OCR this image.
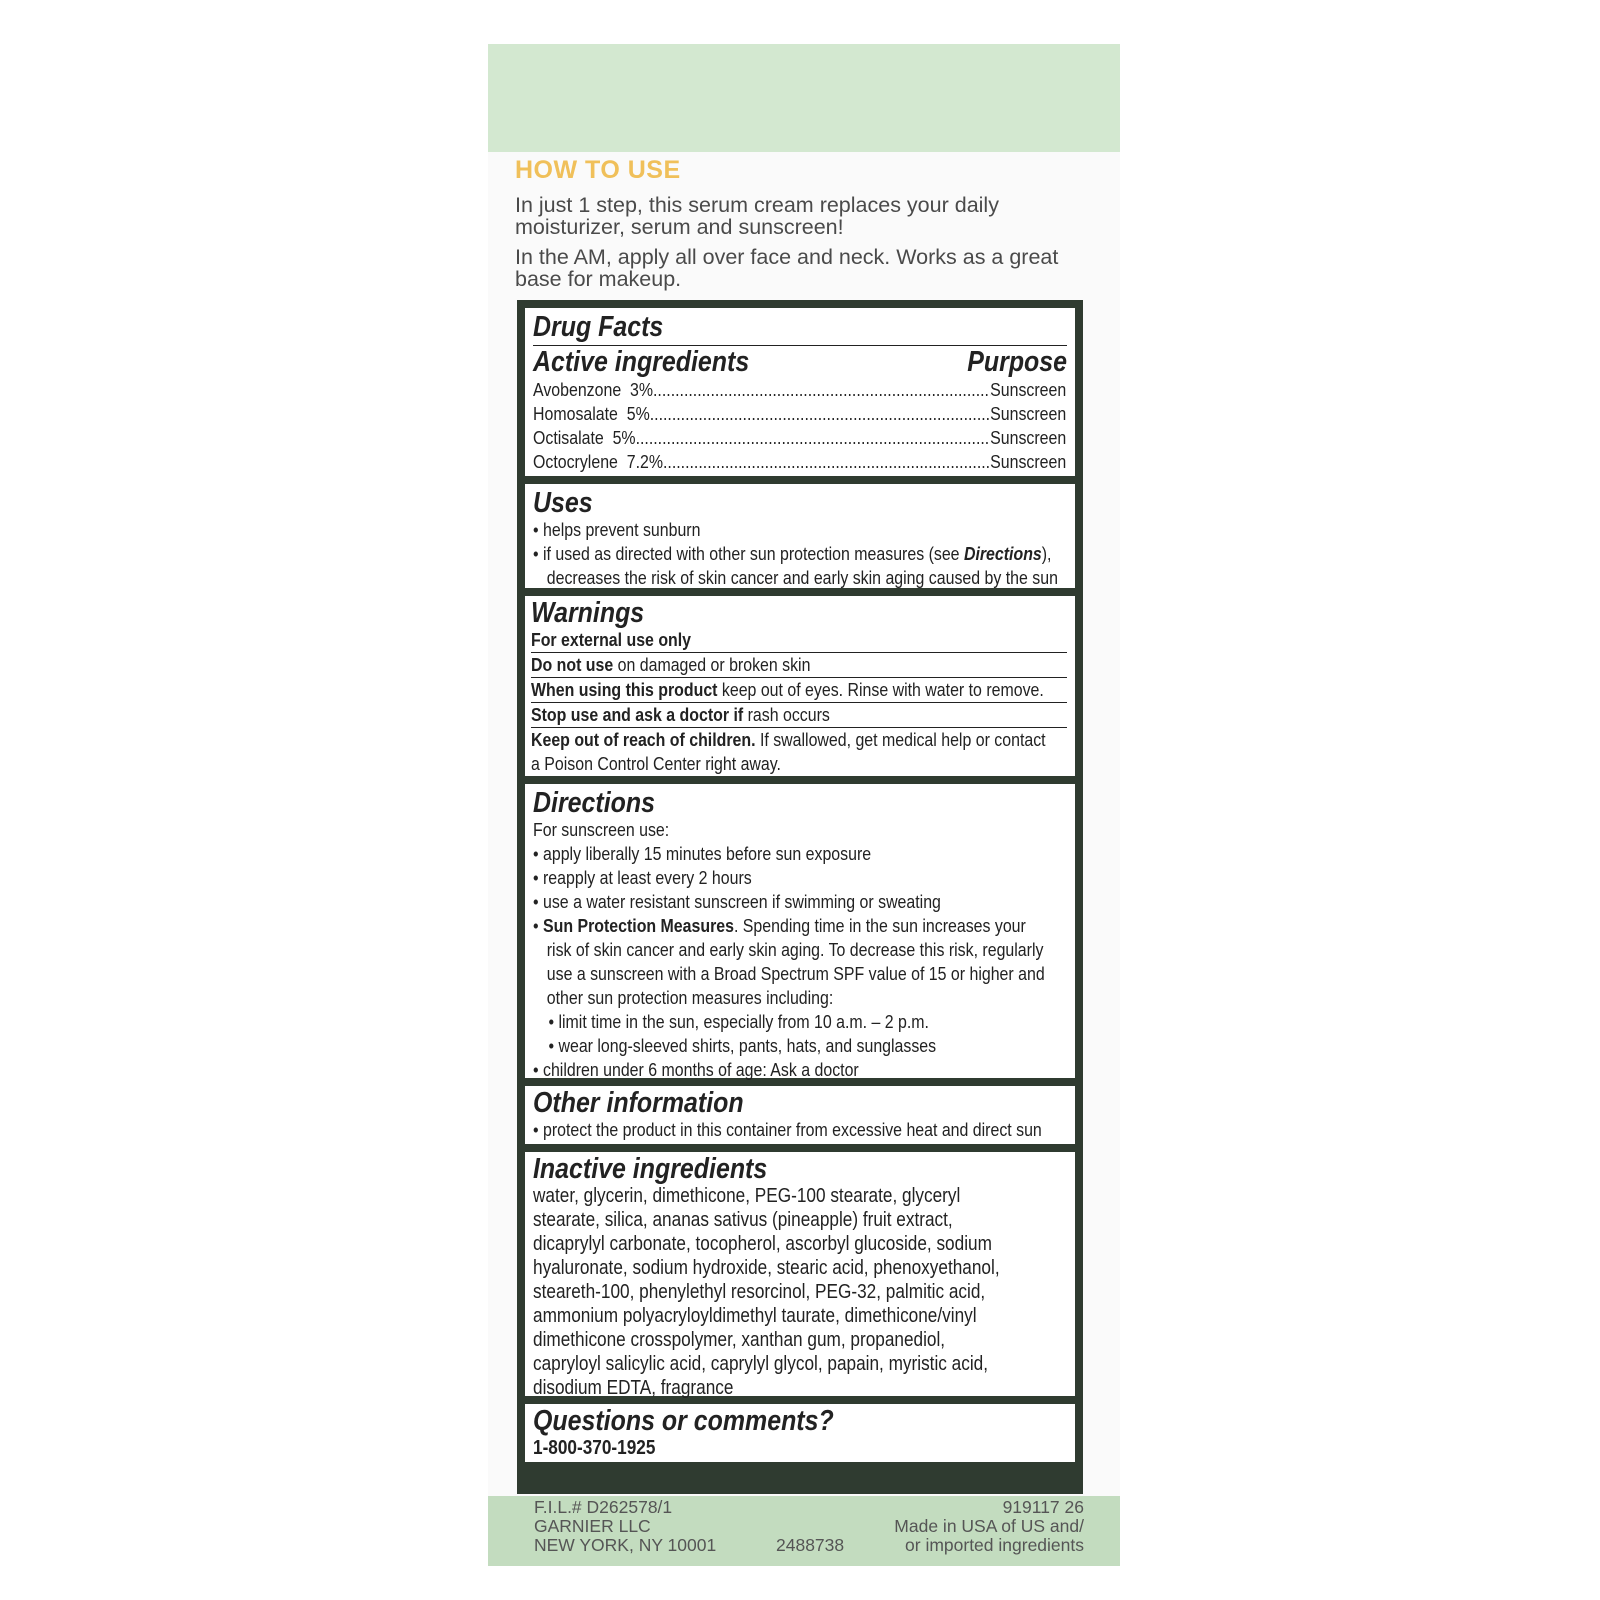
HOW TO USE

In just 1 step, this serum cream replaces your daily moisturizer, serum and sunscreen!

In the AM, apply all over face and neck. Works as a great base for makeup.

Drug Facts
Active ingredients	Purpose
Avobenzone  3% .....	Sunscreen
Homosalate  5% .....	Sunscreen
Octisalate  5% .....	Sunscreen
Octocrylene  7.2% .....	Sunscreen
Uses
• helps prevent sunburn
• if used as directed with other sun protection measures (see Directions),
decreases the risk of skin cancer and early skin aging caused by the sun
Warnings
For external use only
Do not use on damaged or broken skin
When using this product keep out of eyes. Rinse with water to remove.
Stop use and ask a doctor if rash occurs
Keep out of reach of children. If swallowed, get medical help or contact
a Poison Control Center right away.
Directions
For sunscreen use:
• apply liberally 15 minutes before sun exposure
• reapply at least every 2 hours
• use a water resistant sunscreen if swimming or sweating
• Sun Protection Measures. Spending time in the sun increases your
risk of skin cancer and early skin aging. To decrease this risk, regularly
use a sunscreen with a Broad Spectrum SPF value of 15 or higher and
other sun protection measures including:
• limit time in the sun, especially from 10 a.m. – 2 p.m.
• wear long-sleeved shirts, pants, hats, and sunglasses
• children under 6 months of age: Ask a doctor
Other information
• protect the product in this container from excessive heat and direct sun
Inactive ingredients
water, glycerin, dimethicone, PEG-100 stearate, glyceryl
stearate, silica, ananas sativus (pineapple) fruit extract,
dicaprylyl carbonate, tocopherol, ascorbyl glucoside, sodium
hyaluronate, sodium hydroxide, stearic acid, phenoxyethanol,
steareth-100, phenylethyl resorcinol, PEG-32, palmitic acid,
ammonium polyacryloyldimethyl taurate, dimethicone/vinyl
dimethicone crosspolymer, xanthan gum, propanediol,
capryloyl salicylic acid, caprylyl glycol, papain, myristic acid,
disodium EDTA, fragrance
Questions or comments?
1-800-370-1925
F.I.L.# D262578/1
GARNIER LLC
NEW YORK, NY 10001	2488738
919117 26
Made in USA of US and/
or imported ingredients
